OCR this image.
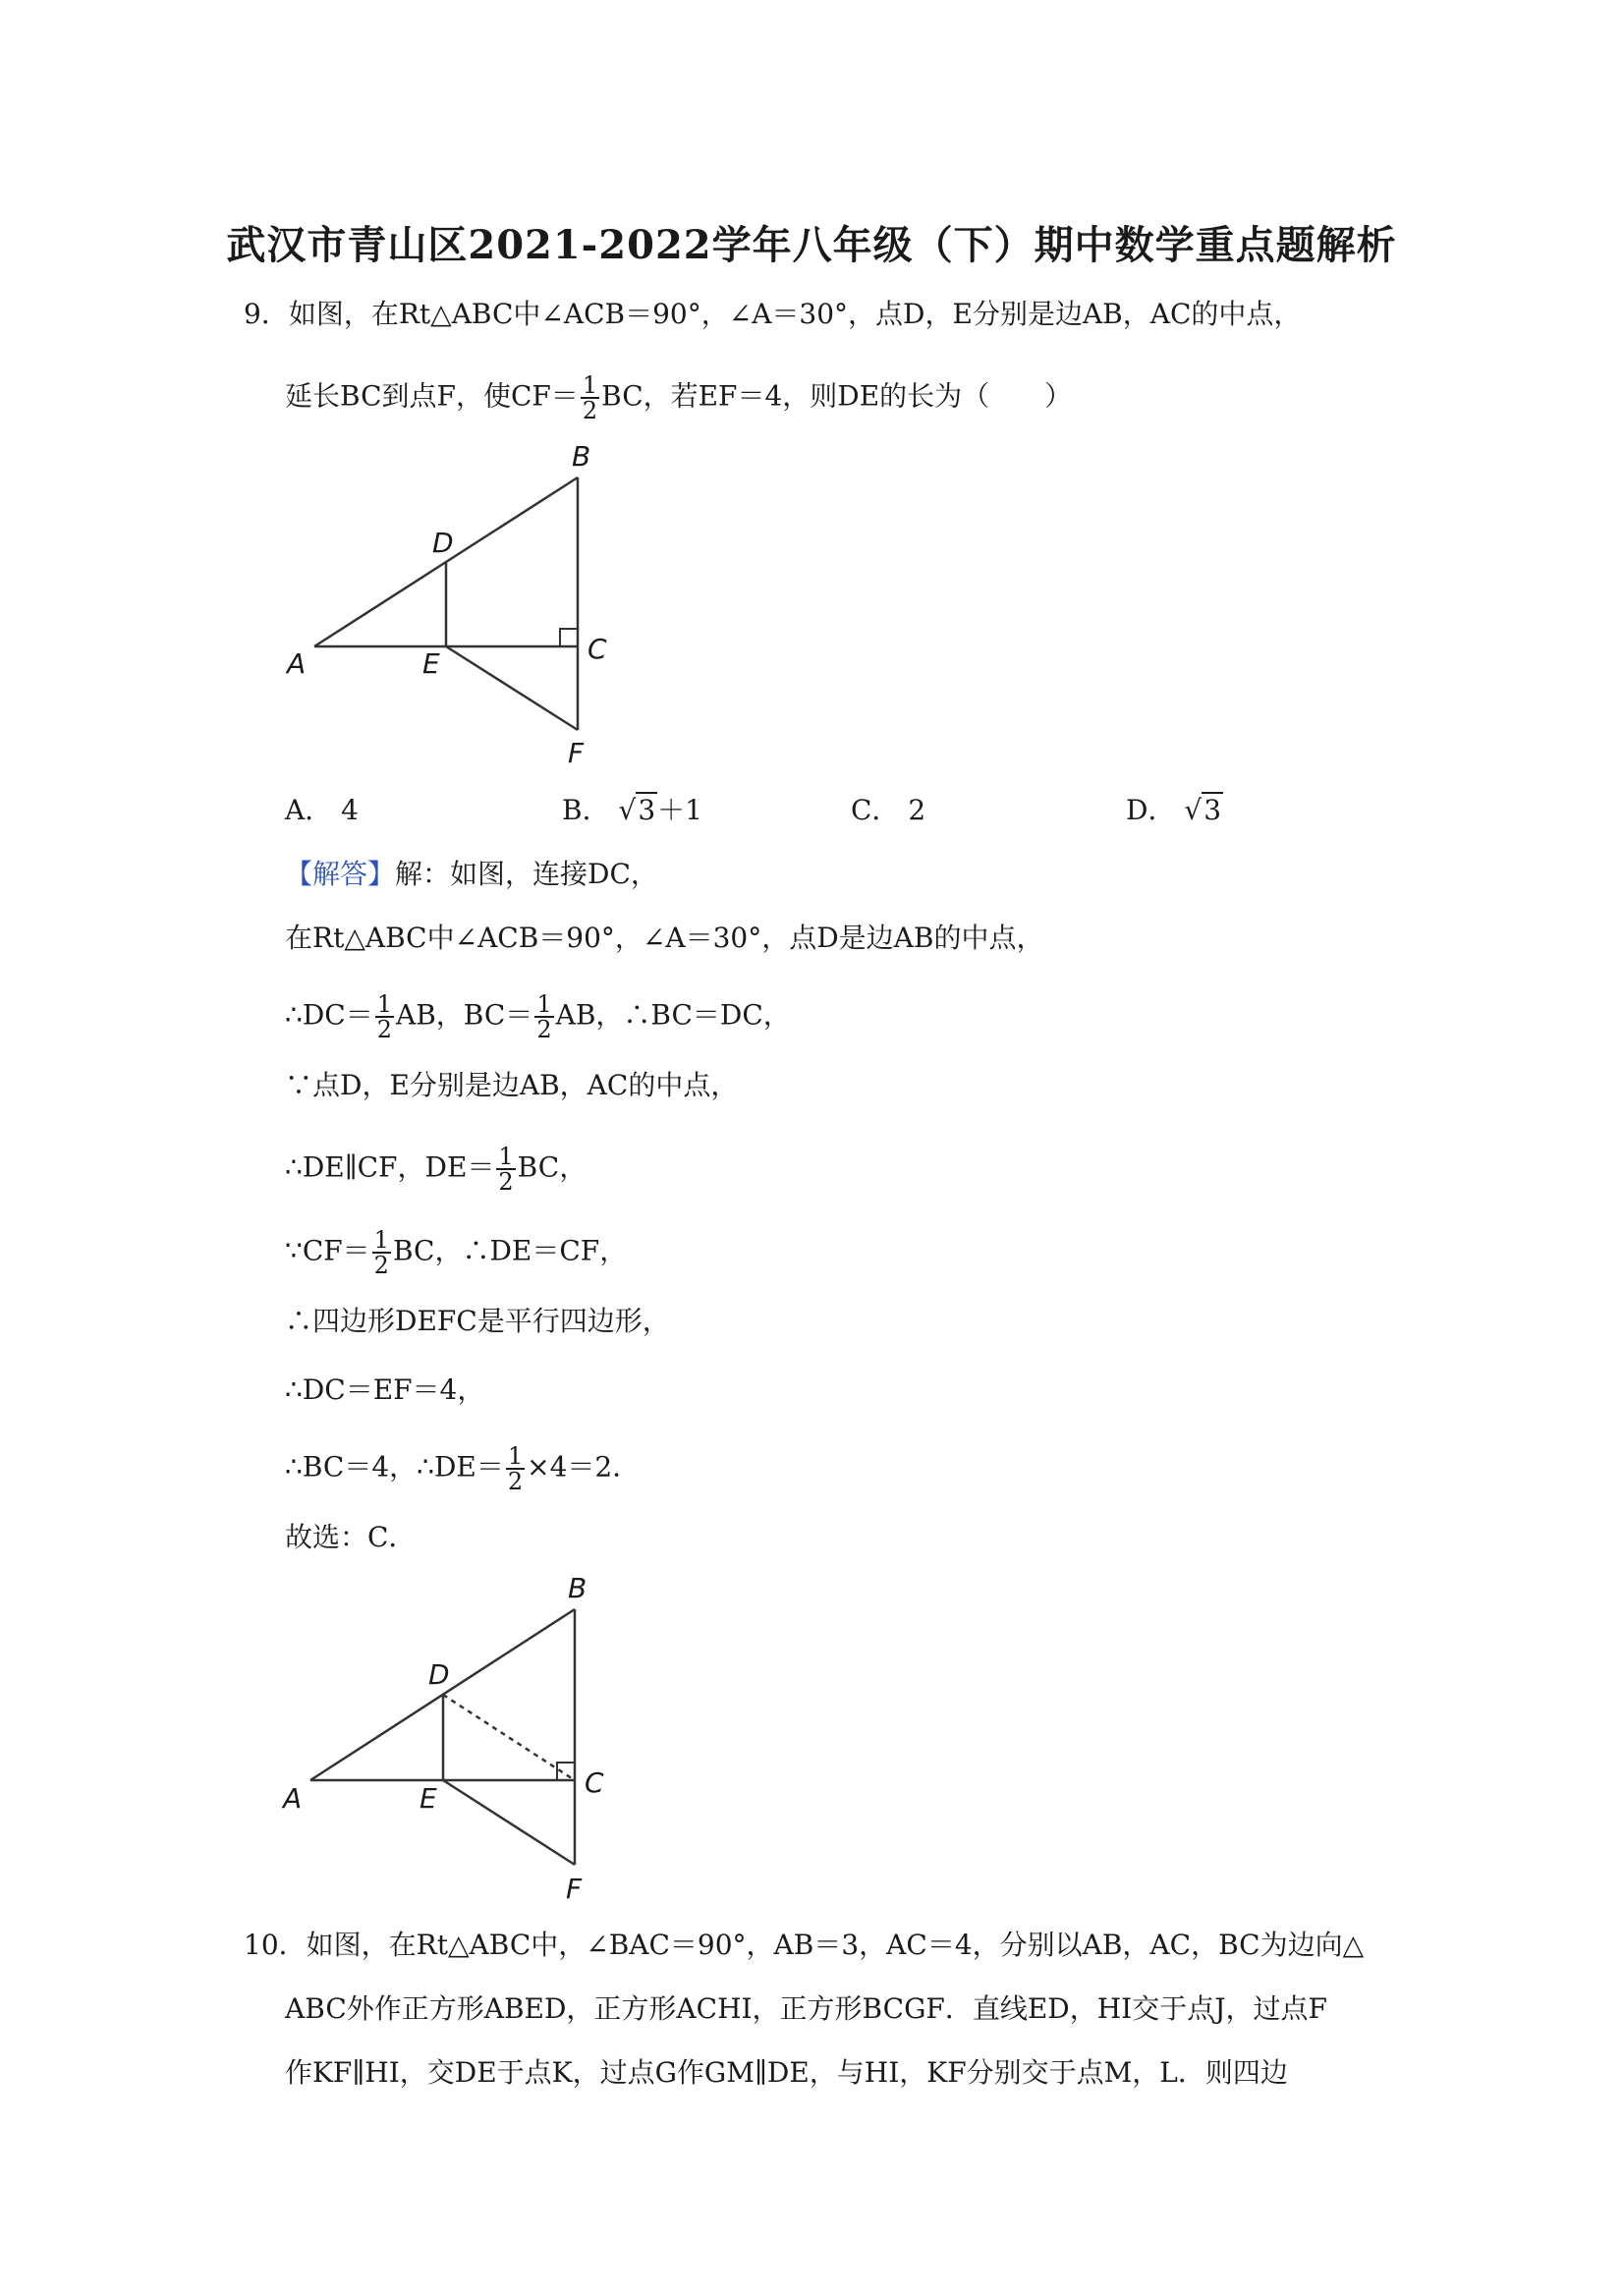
武汉市青山区2021-2022学年八年级（下）期中数学重点题解析
9．如图，在Rt△ABC中∠ACB＝90°，∠A＝30°，点D，E分别是边AB，AC的中点，
延长BC到点F，使$CF= \frac{1}{2}$ BC，若EF＝4，则DE的长为（　　）
B
D
A	E	C
F
A． 4	B． √3＋1	C． 2	D． √3
【解答】解：如图，连接DC，
在Rt△ABC中∠ACB＝90°，∠A＝30°，点D是边AB的中点，
∴DC＝ $\frac{1}{2}$ AB，$BC= \frac{1}{2}$ AB，∴BC＝DC，
∵点D，E分别是边AB，AC的中点，
∴DE∥CF，$DE= \frac{1}{2}$ BC，
∵CF＝ $\frac{1}{2}$ BC，∴DE＝CF，
∴四边形DEFC是平行四边形，
∴DC＝EF＝4，
∴BC＝4，∴DE＝ $\frac{1}{2} \times 4=2$．
故选：C．
B
D
A	E	C
F
10．如图，在Rt△ABC中，∠BAC＝90°，AB＝3，AC＝4，分别以AB，AC，BC为边向△
ABC外作正方形ABED，正方形ACHI，正方形BCGF．直线ED，HI交于点J，过点F
作KF∥HI，交DE于点K，过点G作GM∥DE，与HI，KF分别交于点M，L．则四边
